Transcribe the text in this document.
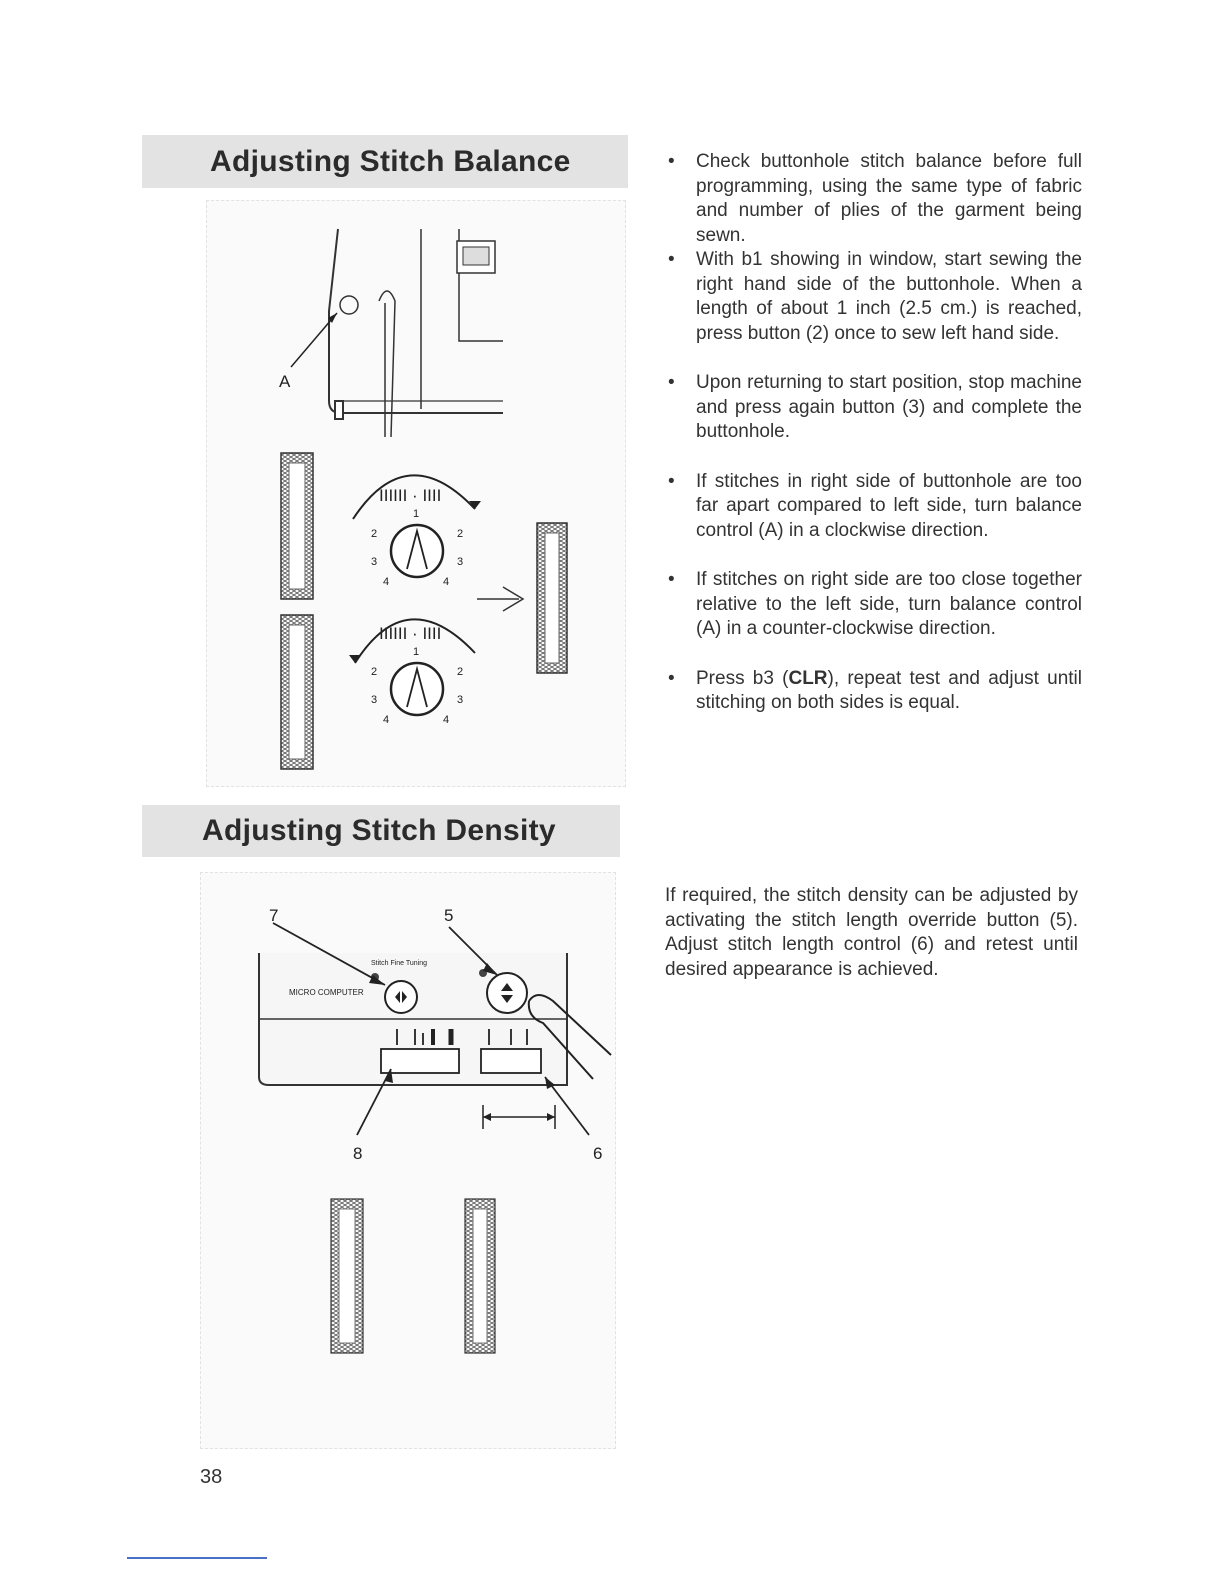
Adjusting Stitch Balance
A
IIIIII · IIII
1
2
3
4
2
3
4
IIIIII · IIII
1
2
3
4
2
3
4
• Check buttonhole stitch balance before full programming, using the same type of fabric and number of plies of the garment being sewn.
• With b1 showing in window, start sewing the right hand side of the buttonhole. When a length of about 1 inch (2.5 cm.) is reached, press button (2) once to sew left hand side.
• Upon returning to start position, stop machine and press again button (3) and complete the buttonhole.
• If stitches in right side of buttonhole are too far apart compared to left side, turn balance control (A) in a clockwise direction.
• If stitches on right side are too close together relative to the left side, turn balance control (A) in a counter-clockwise direction.
• Press b3 (CLR), repeat test and adjust until stitching on both sides is equal.
Adjusting Stitch Density
MICRO COMPUTER
Stitch Fine Tuning
7	5
8	6

If required, the stitch density can be adjusted by activating the stitch length override button (5). Adjust stitch length control (6) and retest until desired appearance is achieved.

38
